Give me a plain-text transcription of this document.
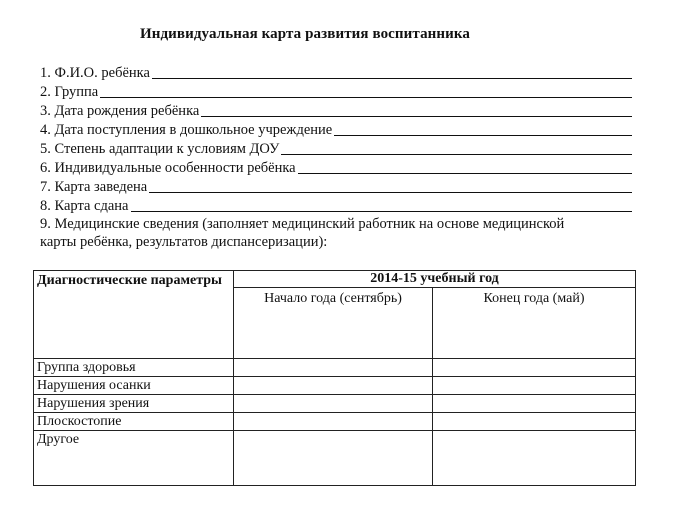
Индивидуальная карта развития воспитанника
1. Ф.И.О. ребёнка
2. Группа
3. Дата рождения ребёнка
4. Дата поступления в дошкольное учреждение
5. Степень адаптации к условиям ДОУ
6. Индивидуальные особенности ребёнка
7. Карта заведена
8. Карта сдана
9. Медицинские сведения (заполняет медицинский работник на основе медицинской карты ребёнка, результатов диспансеризации):
Диагностические параметры	2014-15 учебный год	
	Начало года (сентябрь)	Конец года (май)
Группа здоровья		
Нарушения осанки		
Нарушения зрения		
Плоскостопие		
Другое		
